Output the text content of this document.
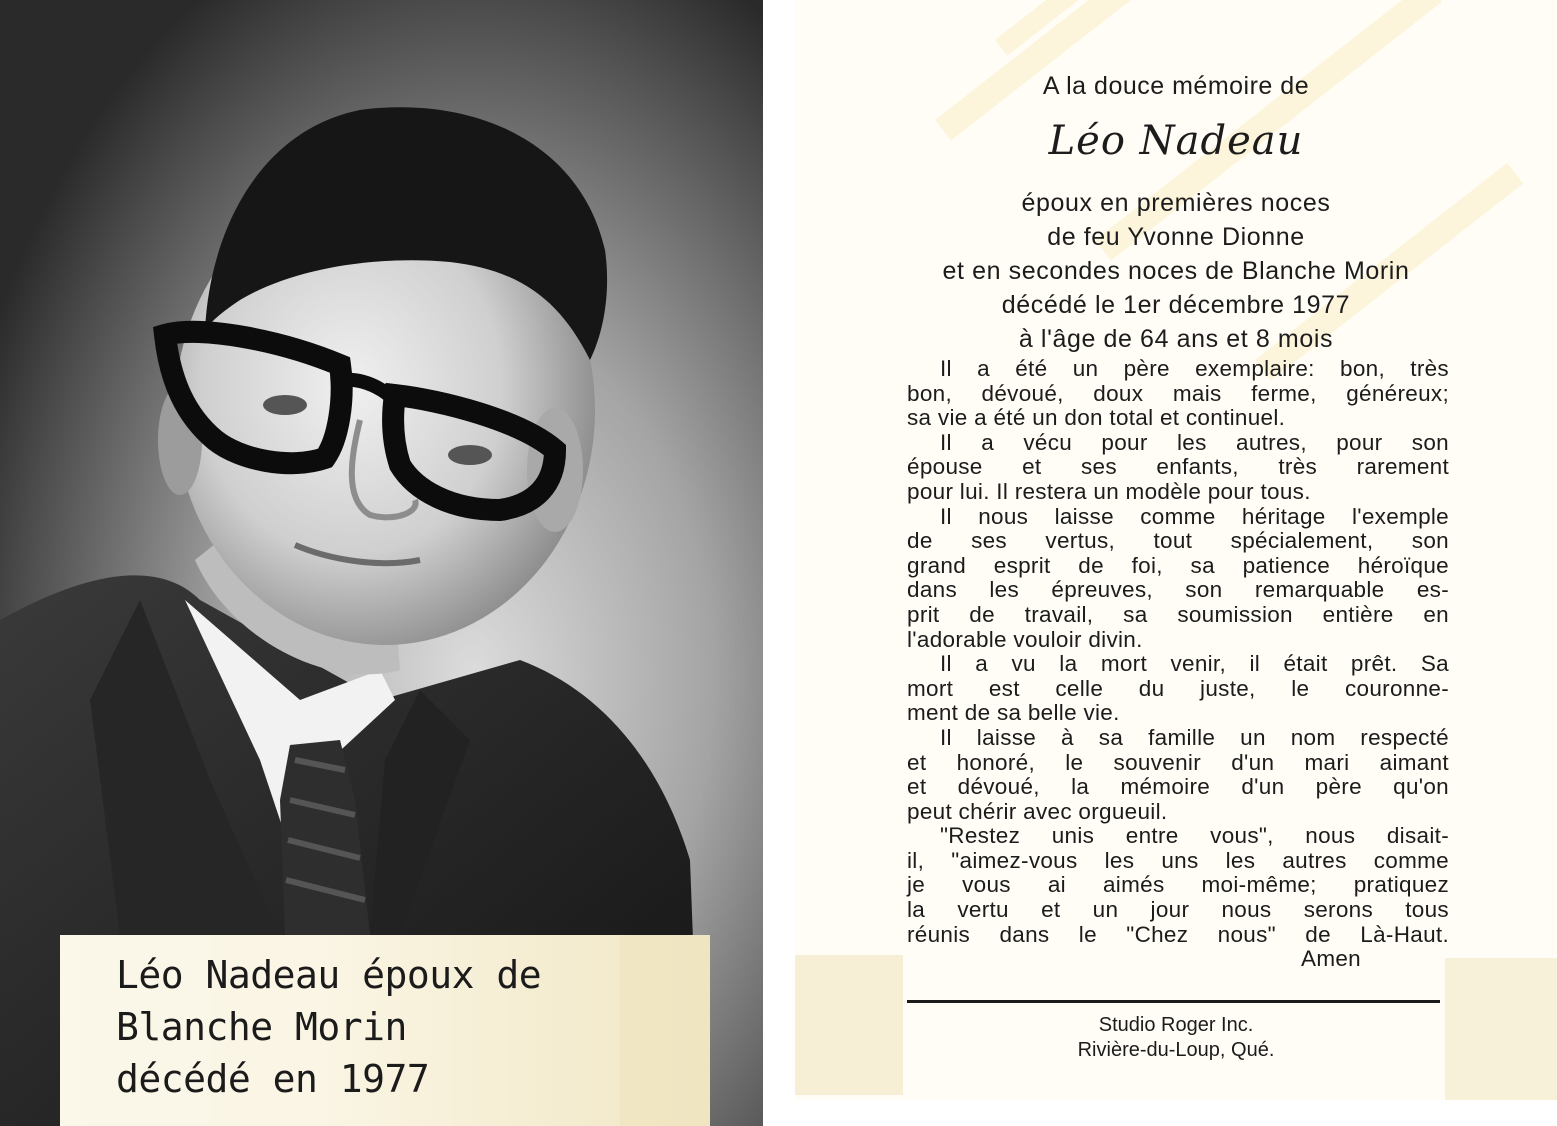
Léo Nadeau époux de
Blanche Morin
décédé en 1977

A la douce mémoire de

Léo Nadeau

époux en premières noces

de feu Yvonne Dionne

et en secondes noces de Blanche Morin

décédé le 1er décembre 1977

à l'âge de 64 ans et 8 mois

Il a été un père exemplaire: bon, très
bon, dévoué, doux mais ferme, généreux;
sa vie a été un don total et continuel.
Il a vécu pour les autres, pour son
épouse et ses enfants, très rarement
pour lui. Il restera un modèle pour tous.
Il nous laisse comme héritage l'exemple
de ses vertus, tout spécialement, son
grand esprit de foi, sa patience héroïque
dans les épreuves, son remarquable es-
prit de travail, sa soumission entière en
l'adorable vouloir divin.
Il a vu la mort venir, il était prêt. Sa
mort est celle du juste, le couronne-
ment de sa belle vie.
Il laisse à sa famille un nom respecté
et honoré, le souvenir d'un mari aimant
et dévoué, la mémoire d'un père qu'on
peut chérir avec orgueuil.
"Restez unis entre vous", nous disait-
il, "aimez-vous les uns les autres comme
je vous ai aimés moi-même; pratiquez
la vertu et un jour nous serons tous
réunis dans le "Chez nous" de Là-Haut.
Amen
Studio Roger Inc.
Rivière-du-Loup, Qué.
